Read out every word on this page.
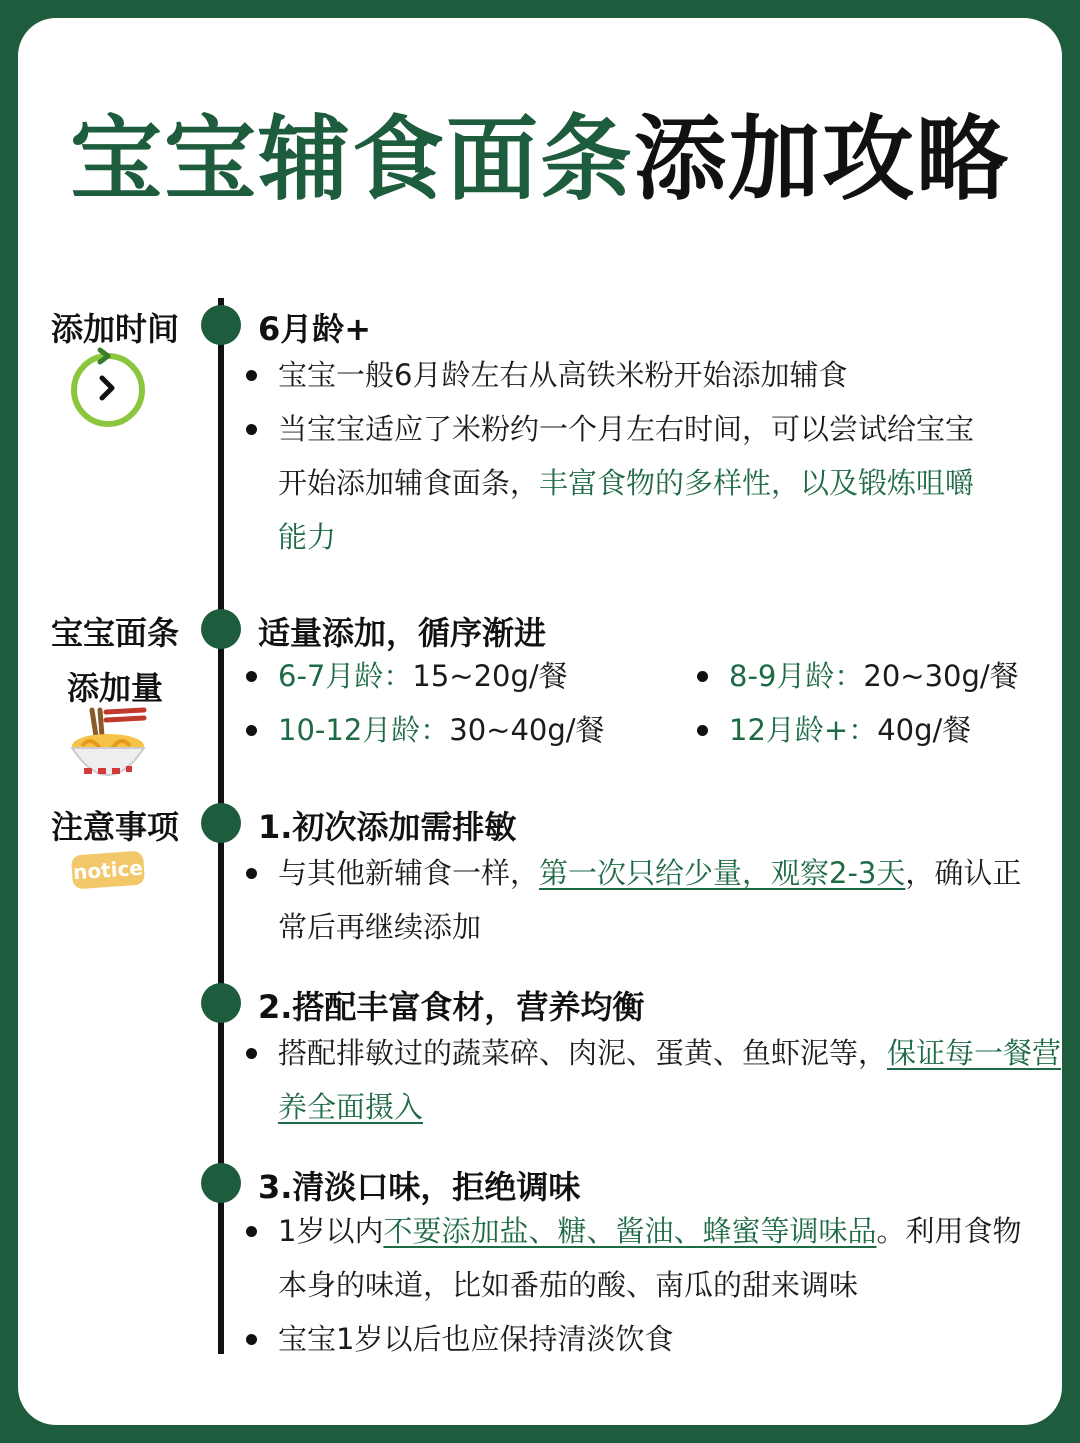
宝宝辅食面条添加攻略
添加时间	6月龄+
宝宝一般6月龄左右从高铁米粉开始添加辅食
当宝宝适应了米粉约一个月左右时间，可以尝试给宝宝开始添加辅食面条，丰富食物的多样性，以及锻炼咀嚼能力
宝宝面条
添加量
适量添加，循序渐进
6-7月龄：15~20g/餐	8-9月龄：20~30g/餐
10-12月龄：30~40g/餐	12月龄+：40g/餐
注意事项
notice
1.初次添加需排敏
与其他新辅食一样，第一次只给少量，观察2-3天，确认正常后再继续添加
2.搭配丰富食材，营养均衡
搭配排敏过的蔬菜碎、肉泥、蛋黄、鱼虾泥等，保证每一餐营养全面摄入
3.清淡口味，拒绝调味
1岁以内不要添加盐、糖、酱油、蜂蜜等调味品。利用食物本身的味道，比如番茄的酸、南瓜的甜来调味
宝宝1岁以后也应保持清淡饮食
